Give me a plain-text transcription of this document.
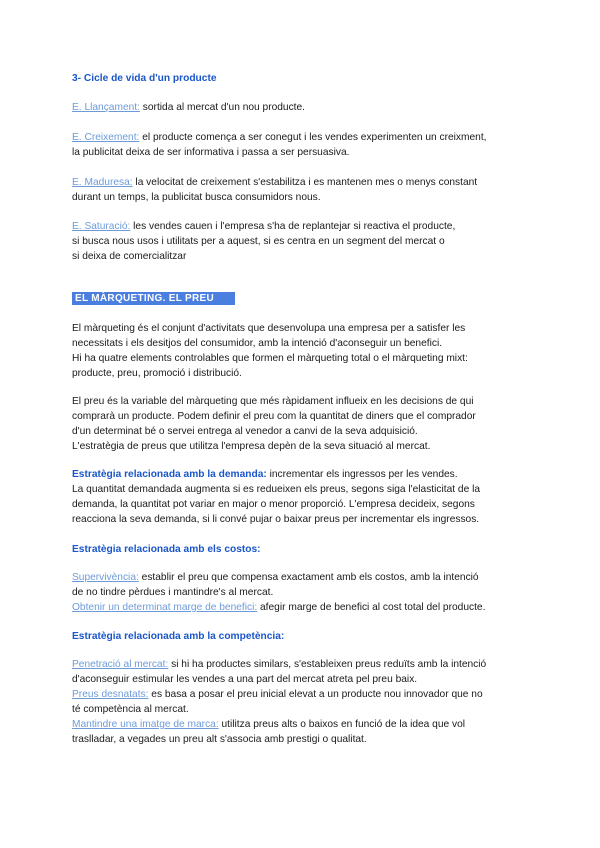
3- Cicle de vida d'un producte

E. Llançament: sortida al mercat d'un nou producte.

E. Creixement: el producte comença a ser conegut i les vendes experimenten un creixment,

la publicitat deixa de ser informativa i passa a ser persuasiva.

E. Maduresa: la velocitat de creixement s'estabilitza i es mantenen mes o menys constant

durant un temps, la publicitat busca consumidors nous.

E. Saturació: les vendes cauen i l'empresa s'ha de replantejar si reactiva el producte,

si busca nous usos i utilitats per a aquest, si es centra en un segment del mercat o

si deixa de comercialitzar

EL MÀRQUETING. EL PREU

El màrqueting és el conjunt d'activitats que desenvolupa una empresa per a satisfer les

necessitats i els desitjos del consumidor, amb la intenció d'aconseguir un benefici.

Hi ha quatre elements controlables que formen el màrqueting total o el màrqueting mixt:

producte, preu, promoció i distribució.

El preu és la variable del màrqueting que més ràpidament influeix en les decisions de qui

comprarà un producte. Podem definir el preu com la quantitat de diners que el comprador

d'un determinat bé o servei entrega al venedor a canvi de la seva adquisició.

L'estratègia de preus que utilitza l'empresa depèn de la seva situació al mercat.

Estratègia relacionada amb la demanda: incrementar els ingressos per les vendes.

La quantitat demandada augmenta si es redueixen els preus, segons siga l'elasticitat de la

demanda, la quantitat pot variar en major o menor proporció. L'empresa decideix, segons

reacciona la seva demanda, si li convé pujar o baixar preus per incrementar els ingressos.

Estratègia relacionada amb els costos:

Supervivència: establir el preu que compensa exactament amb els costos, amb la intenció

de no tindre pèrdues i mantindre's al mercat.

Obtenir un determinat marge de benefici: afegir marge de benefici al cost total del producte.

Estratègia relacionada amb la competència:

Penetració al mercat: si hi ha productes similars, s'estableixen preus reduïts amb la intenció

d'aconseguir estimular les vendes a una part del mercat atreta pel preu baix.

Preus desnatats: es basa a posar el preu inicial elevat a un producte nou innovador que no

té competència al mercat.

Mantindre una imatge de marca: utilitza preus alts o baixos en funció de la idea que vol

traslladar, a vegades un preu alt s'associa amb prestigi o qualitat.
